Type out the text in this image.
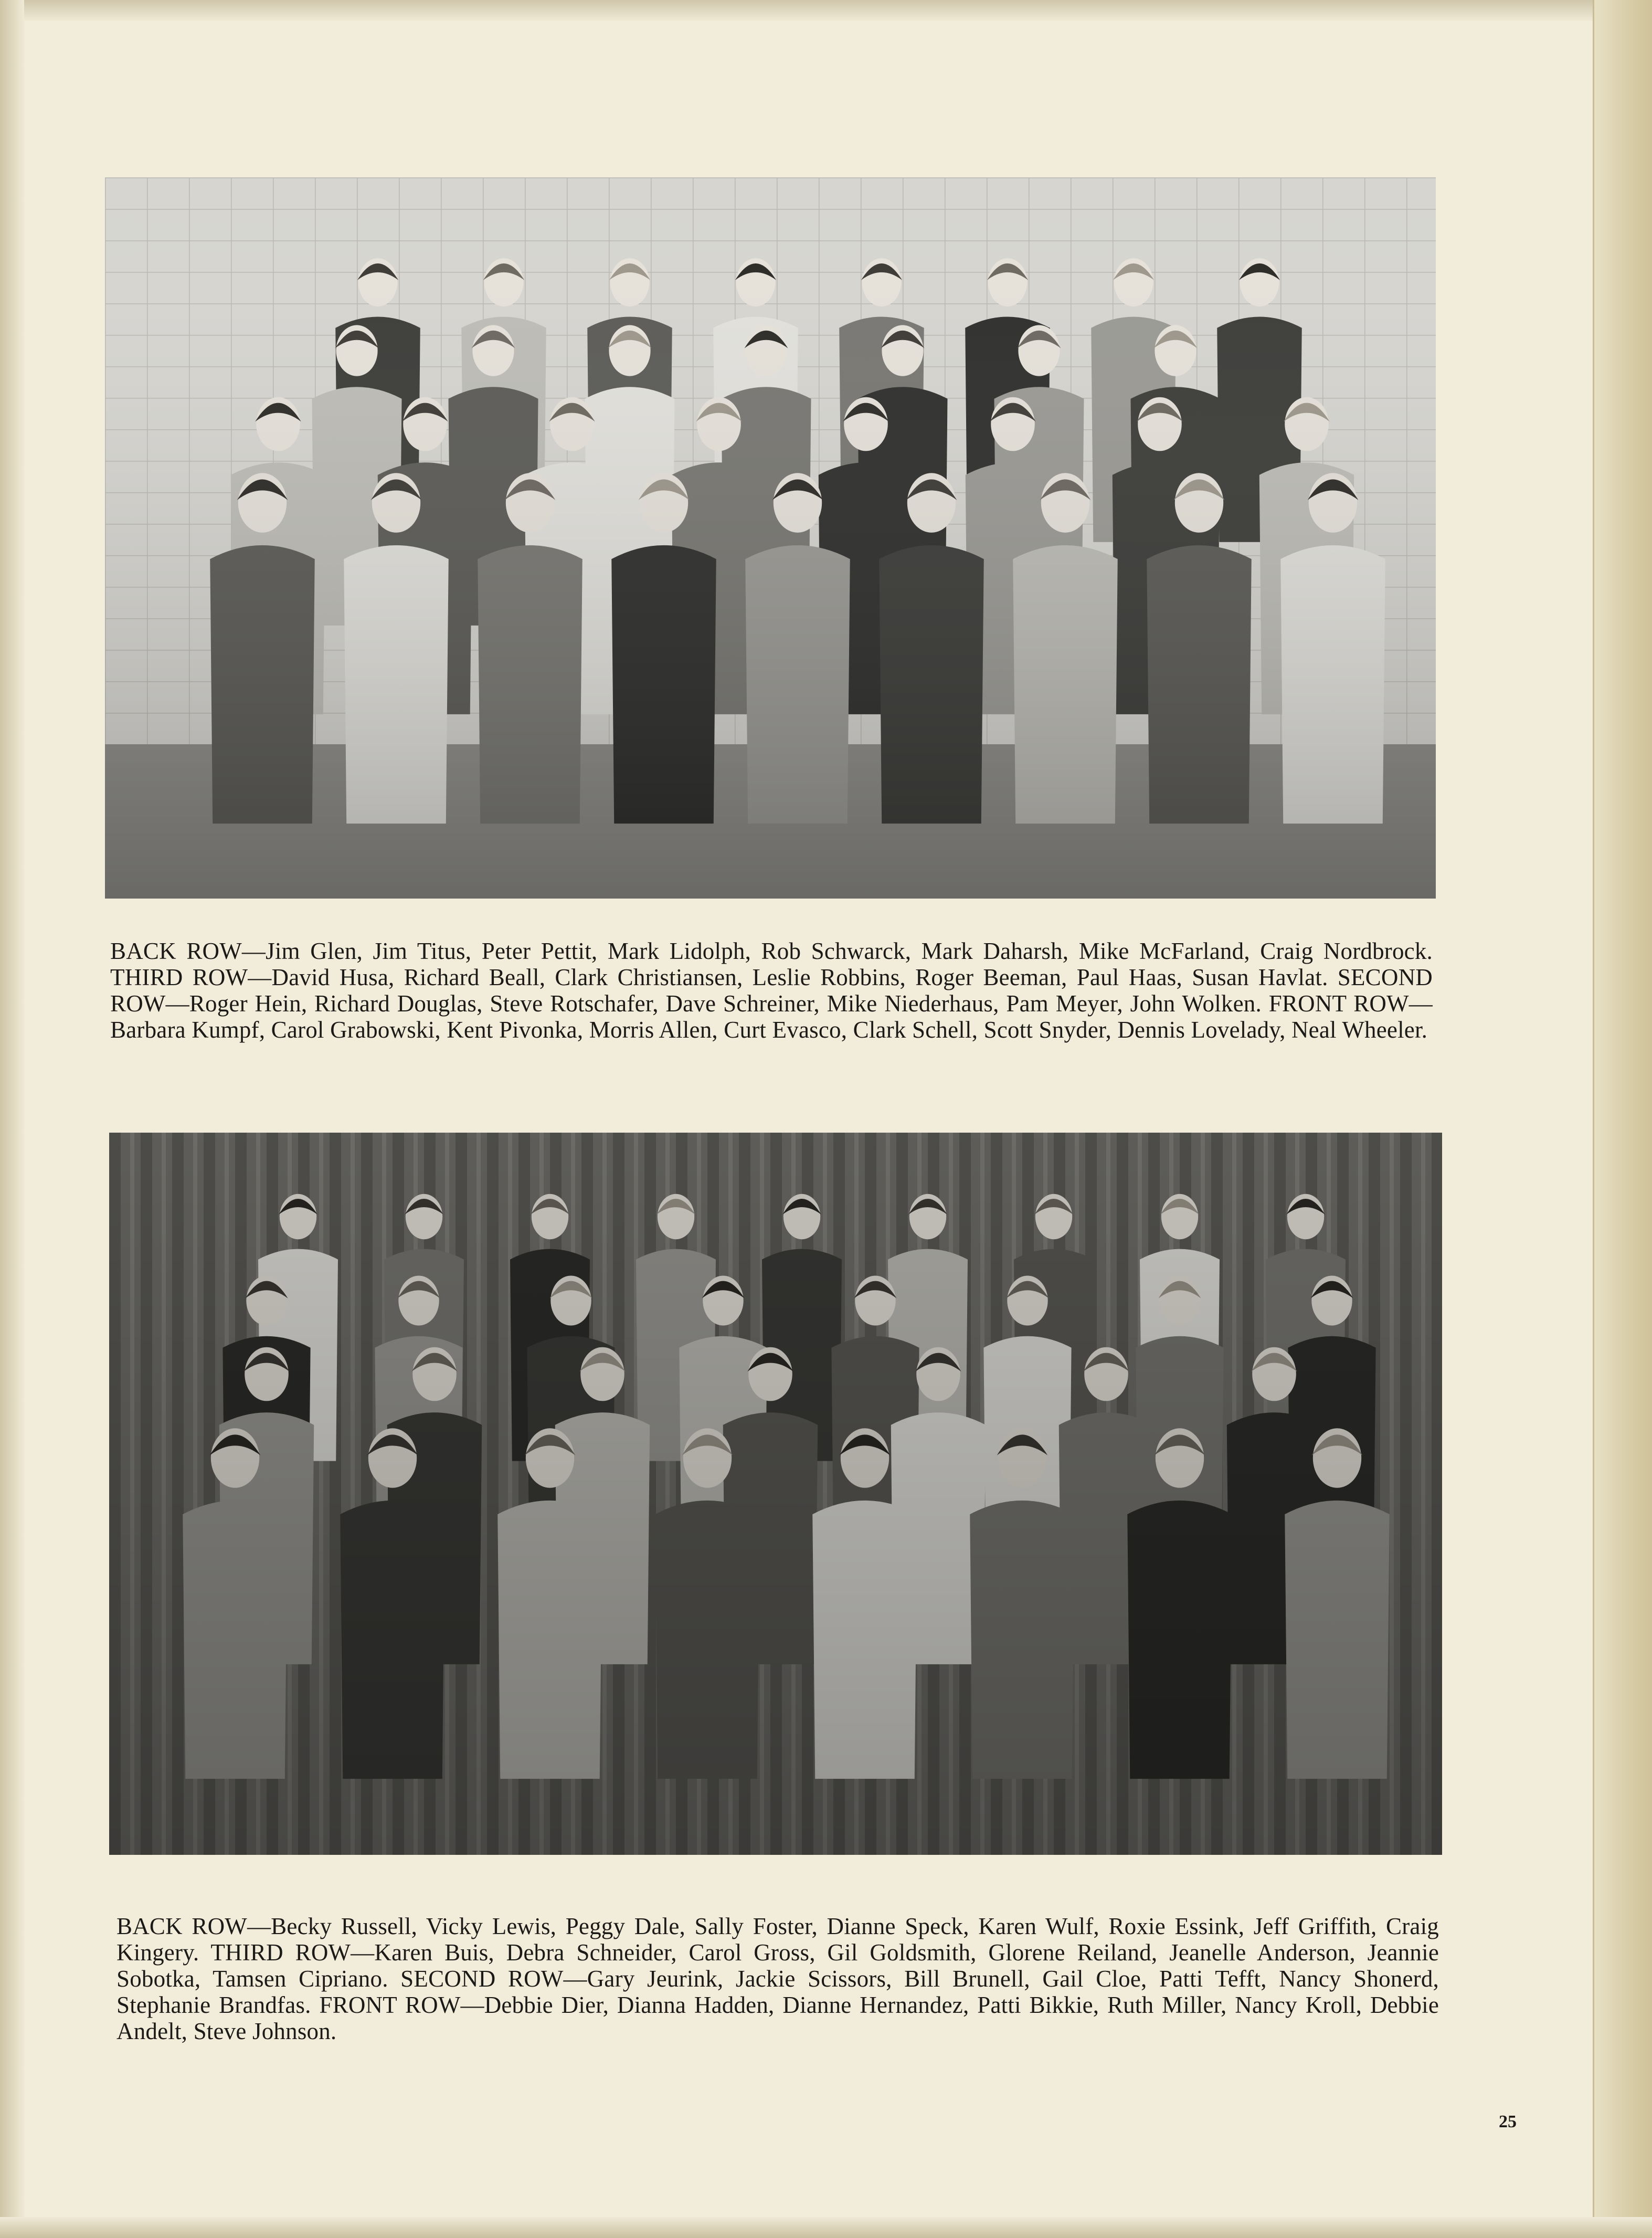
BACK ROW—Jim Glen, Jim Titus, Peter Pettit, Mark Lidolph, Rob Schwarck, Mark Daharsh, Mike McFarland, Craig Nordbrock. THIRD ROW—David Husa, Richard Beall, Clark Christiansen, Leslie Robbins, Roger Beeman, Paul Haas, Susan Havlat. SECOND ROW—Roger Hein, Richard Douglas, Steve Rotschafer, Dave Schreiner, Mike Niederhaus, Pam Meyer, John Wolken. FRONT ROW—Barbara Kumpf, Carol Grabowski, Kent Pivonka, Morris Allen, Curt Evasco, Clark Schell, Scott Snyder, Dennis Lovelady, Neal Wheeler.

BACK ROW—Becky Russell, Vicky Lewis, Peggy Dale, Sally Foster, Dianne Speck, Karen Wulf, Roxie Essink, Jeff Griffith, Craig Kingery. THIRD ROW—Karen Buis, Debra Schneider, Carol Gross, Gil Goldsmith, Glorene Reiland, Jeanelle Anderson, Jeannie Sobotka, Tamsen Cipriano. SECOND ROW—Gary Jeurink, Jackie Scissors, Bill Brunell, Gail Cloe, Patti Tefft, Nancy Shonerd, Stephanie Brandfas. FRONT ROW—Debbie Dier, Dianna Hadden, Dianne Hernandez, Patti Bikkie, Ruth Miller, Nancy Kroll, Debbie Andelt, Steve Johnson.

25
